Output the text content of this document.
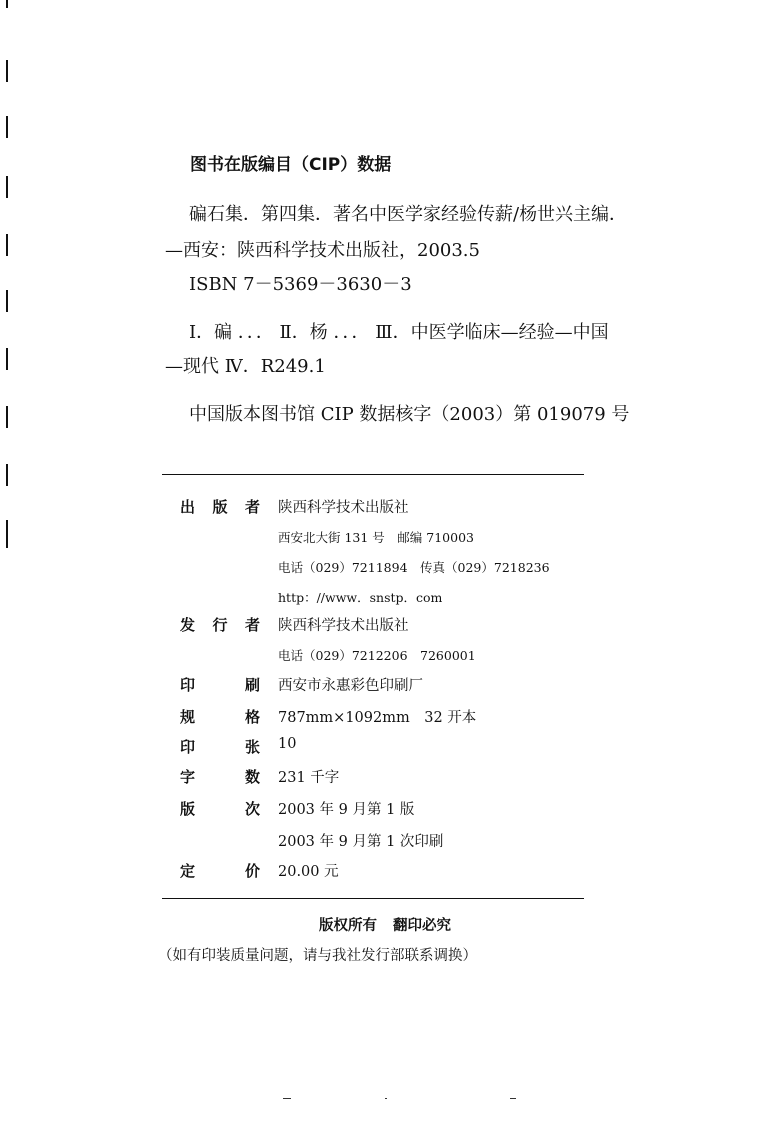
图书在版编目（CIP）数据

碥石集．第四集．著名中医学家经验传薪/杨世兴主编．

—西安：陕西科学技术出版社，2003.5

ISBN 7－5369－3630－3

Ⅰ．碥 ．．． Ⅱ．杨 ．．． Ⅲ．中医学临床—经验—中国

—现代 Ⅳ．R249.1

中国版本图书馆 CIP 数据核字（2003）第 019079 号

出 版 者 陕西科学技术出版社
西安北大街 131 号　邮编 710003
电话（029）7211894　传真（029）7218236
http：//www．snstp．com
发 行 者 陕西科学技术出版社
电话（029）7212206　7260001
印	刷 西安市永惠彩色印刷厂
规	格 787mm×1092mm　32 开本
印	张 10
字	数 231 千字
版	次 2003 年 9 月第 1 版
2003 年 9 月第 1 次印刷
定	价 20.00 元
版权所有 翻印必究
（如有印装质量问题，请与我社发行部联系调换）
